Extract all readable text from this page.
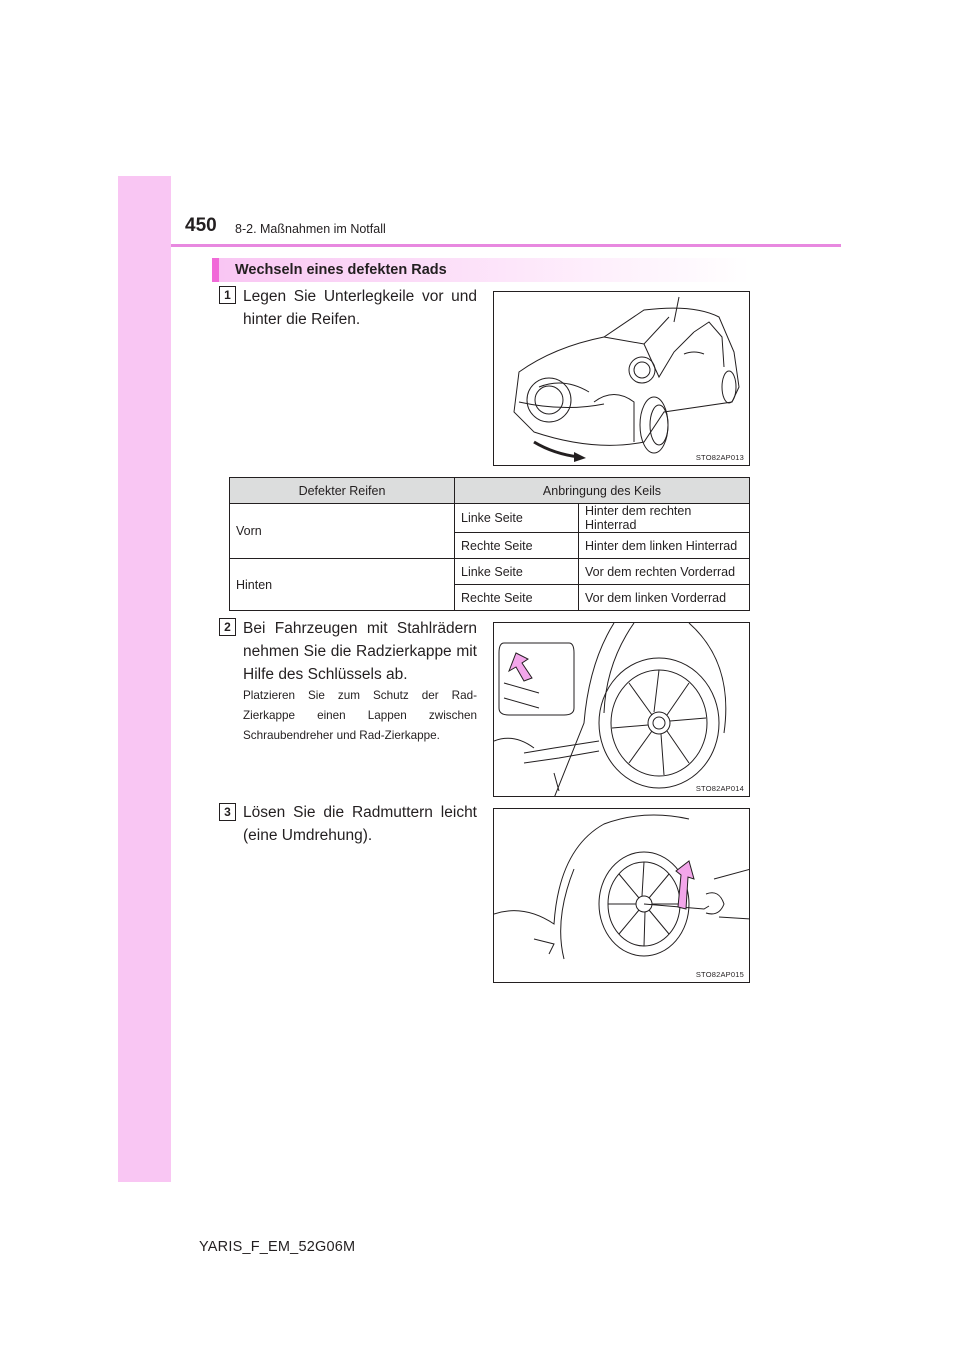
450 8-2. Maßnahmen im Notfall
Wechseln eines defekten Rads
1 Legen Sie Unterlegkeile vor und hinter die Reifen.
STO82AP013
Defekter Reifen	Anbringung des Keils	
Vorn	Linke Seite	Hinter dem rechten Hinterrad
	Rechte Seite	Hinter dem linken Hinterrad
Hinten	Linke Seite	Vor dem rechten Vorderrad
	Rechte Seite	Vor dem linken Vorderrad
2 Bei Fahrzeugen mit Stahlrädern nehmen Sie die Radzierkappe mit Hilfe des Schlüssels ab.
Platzieren Sie zum Schutz der Rad-Zierkappe einen Lappen zwischen Schraubendreher und Rad-Zierkappe.
STO82AP014
3 Lösen Sie die Radmuttern leicht (eine Umdrehung).
STO82AP015
YARIS_F_EM_52G06M
